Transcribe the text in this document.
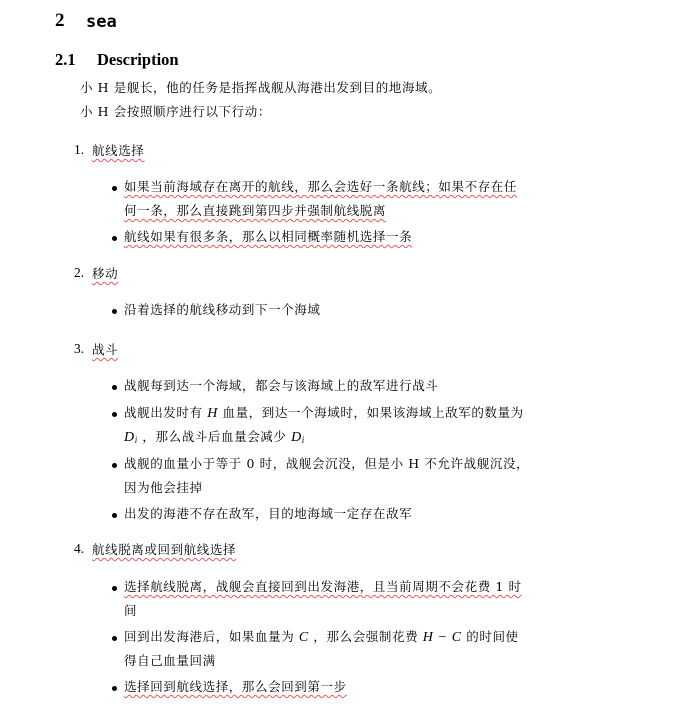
2 sea
2.1 Description
小 H 是舰长，他的任务是指挥战舰从海港出发到目的地海域。
小 H 会按照顺序进行以下行动：
1. 航线选择
如果当前海域存在离开的航线，那么会选好一条航线；如果不存在任
何一条，那么直接跳到第四步并强制航线脱离
航线如果有很多条，那么以相同概率随机选择一条
2. 移动
沿着选择的航线移动到下一个海域
3. 战斗
战舰每到达一个海域，都会与该海域上的敌军进行战斗
战舰出发时有 H 血量，到达一个海域时，如果该海域上敌军的数量为
$D_i$ ，那么战斗后血量会减少 $D_i$
战舰的血量小于等于 0 时，战舰会沉没，但是小 H 不允许战舰沉没，
因为他会挂掉
出发的海港不存在敌军，目的地海域一定存在敌军
4. 航线脱离或回到航线选择
选择航线脱离，战舰会直接回到出发海港，且当前周期不会花费 1 时
间
回到出发海港后，如果血量为 C ，那么会强制花费 H − C 的时间使
得自己血量回满
选择回到航线选择，那么会回到第一步
